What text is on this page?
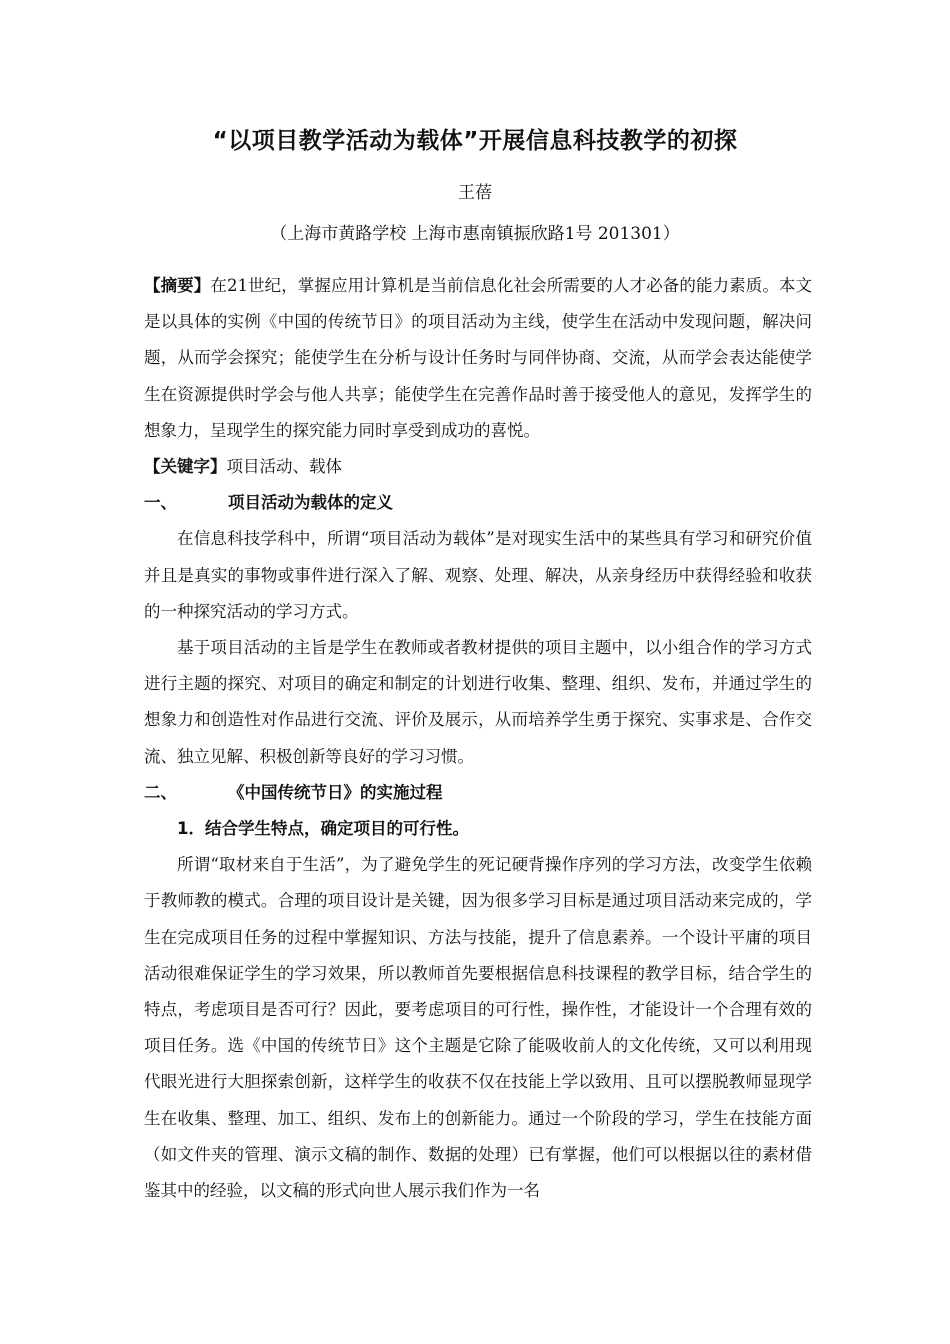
“以项目教学活动为载体”开展信息科技教学的初探
王蓓
（上海市黄路学校 上海市惠南镇振欣路1号 201301）

【摘要】在21世纪，掌握应用计算机是当前信息化社会所需要的人才必备的能力素质。本文是以具体的实例《中国的传统节日》的项目活动为主线，使学生在活动中发现问题，解决问题，从而学会探究；能使学生在分析与设计任务时与同伴协商、交流，从而学会表达能使学生在资源提供时学会与他人共享；能使学生在完善作品时善于接受他人的意见，发挥学生的想象力，呈现学生的探究能力同时享受到成功的喜悦。

【关键字】项目活动、载体

一、	项目活动为载体的定义

在信息科技学科中，所谓“项目活动为载体”是对现实生活中的某些具有学习和研究价值并且是真实的事物或事件进行深入了解、观察、处理、解决，从亲身经历中获得经验和收获的一种探究活动的学习方式。

基于项目活动的主旨是学生在教师或者教材提供的项目主题中，以小组合作的学习方式进行主题的探究、对项目的确定和制定的计划进行收集、整理、组织、发布，并通过学生的想象力和创造性对作品进行交流、评价及展示，从而培养学生勇于探究、实事求是、合作交流、独立见解、积极创新等良好的学习习惯。

二、	《中国传统节日》的实施过程
1．结合学生特点，确定项目的可行性。

所谓“取材来自于生活”，为了避免学生的死记硬背操作序列的学习方法，改变学生依赖于教师教的模式。合理的项目设计是关键，因为很多学习目标是通过项目活动来完成的，学生在完成项目任务的过程中掌握知识、方法与技能，提升了信息素养。一个设计平庸的项目活动很难保证学生的学习效果，所以教师首先要根据信息科技课程的教学目标，结合学生的特点，考虑项目是否可行？因此，要考虑项目的可行性，操作性，才能设计一个合理有效的项目任务。选《中国的传统节日》这个主题是它除了能吸收前人的文化传统，又可以利用现代眼光进行大胆探索创新，这样学生的收获不仅在技能上学以致用、且可以摆脱教师显现学生在收集、整理、加工、组织、发布上的创新能力。通过一个阶段的学习，学生在技能方面（如文件夹的管理、演示文稿的制作、数据的处理）已有掌握，他们可以根据以往的素材借鉴其中的经验，以文稿的形式向世人展示我们作为一名
